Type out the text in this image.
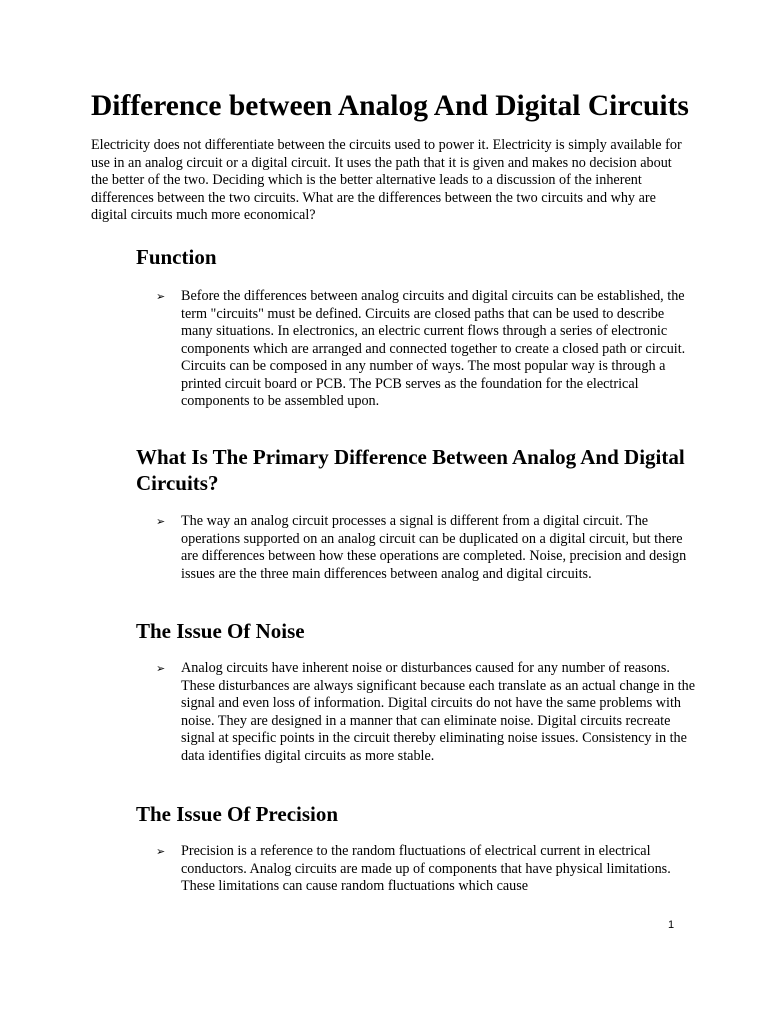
Difference between Analog And Digital Circuits

Electricity does not differentiate between the circuits used to power it. Electricity is simply available for use in an analog circuit or a digital circuit. It uses the path that it is given and makes no decision about the better of the two. Deciding which is the better alternative leads to a discussion of the inherent differences between the two circuits. What are the differences between the two circuits and why are digital circuits much more economical?

Function
➢ Before the differences between analog circuits and digital circuits can be established, the term "circuits" must be defined. Circuits are closed paths that can be used to describe many situations. In electronics, an electric current flows through a series of electronic components which are arranged and connected together to create a closed path or circuit. Circuits can be composed in any number of ways. The most popular way is through a printed circuit board or PCB. The PCB serves as the foundation for the electrical components to be assembled upon.

What Is The Primary Difference Between Analog And Digital Circuits?
➢ The way an analog circuit processes a signal is different from a digital circuit. The operations supported on an analog circuit can be duplicated on a digital circuit, but there are differences between how these operations are completed. Noise, precision and design issues are the three main differences between analog and digital circuits.

The Issue Of Noise
➢ Analog circuits have inherent noise or disturbances caused for any number of reasons. These disturbances are always significant because each translate as an actual change in the signal and even loss of information. Digital circuits do not have the same problems with noise. They are designed in a manner that can eliminate noise. Digital circuits recreate signal at specific points in the circuit thereby eliminating noise issues. Consistency in the data identifies digital circuits as more stable.

The Issue Of Precision
➢ Precision is a reference to the random fluctuations of electrical current in electrical conductors. Analog circuits are made up of components that have physical limitations. These limitations can cause random fluctuations which cause

1
